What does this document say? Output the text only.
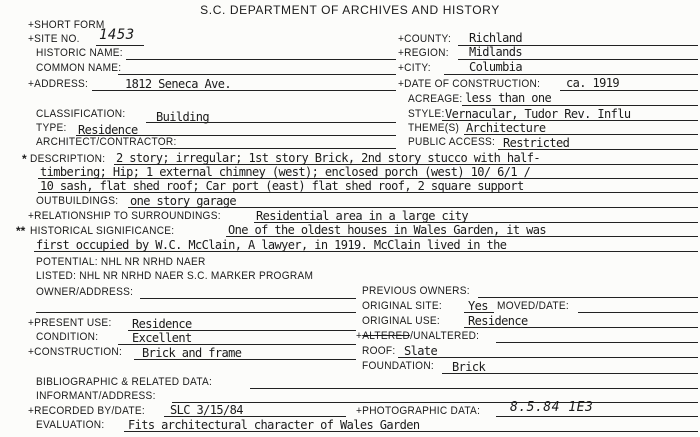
S.C. DEPARTMENT OF ARCHIVES AND HISTORY
+SHORT FORM
+SITE NO. 1453
HISTORIC NAME:
COMMON NAME:
+ADDRESS:	1812 Seneca Ave.
+COUNTY: Richland
+REGION: Midlands
+CITY:	Columbia
+DATE OF CONSTRUCTION: ca. 1919
ACREAGE: less than one
CLASSIFICATION:	Building	STYLE: Vernacular, Tudor Rev. Influ
TYPE: Residence	THEME(S) Architecture
ARCHITECT/CONTRACTOR:	PUBLIC ACCESS: Restricted
* DESCRIPTION: 2 story; irregular; 1st story Brick, 2nd story stucco with half-
timbering; Hip; 1 external chimney (west); enclosed porch (west) 10/ 6/1 /
10 sash, flat shed roof; Car port (east) flat shed roof, 2 square support
OUTBUILDINGS: one story garage
+RELATIONSHIP TO SURROUNDINGS:	Residential area in a large city
** HISTORICAL SIGNIFICANCE:	One of the oldest houses in Wales Garden, it was
first occupied by W.C. McClain, A lawyer, in 1919. McClain lived in the
POTENTIAL: NHL NR NRHD NAER
LISTED: NHL NR NRHD NAER S.C. MARKER PROGRAM
OWNER/ADDRESS:	PREVIOUS OWNERS:
ORIGINAL SITE: Yes MOVED/DATE:
ORIGINAL USE: Residence
+PRESENT USE: Residence
CONDITION:	Excellent	+ALTERED/UNALTERED:
+CONSTRUCTION: Brick and frame	ROOF: Slate
FOUNDATION: Brick
BIBLIOGRAPHIC & RELATED DATA:
INFORMANT/ADDRESS:
+RECORDED BY/DATE: SLC 3/15/84	+PHOTOGRAPHIC DATA: 8.5.84 1E3
EVALUATION: Fits architectural character of Wales Garden
